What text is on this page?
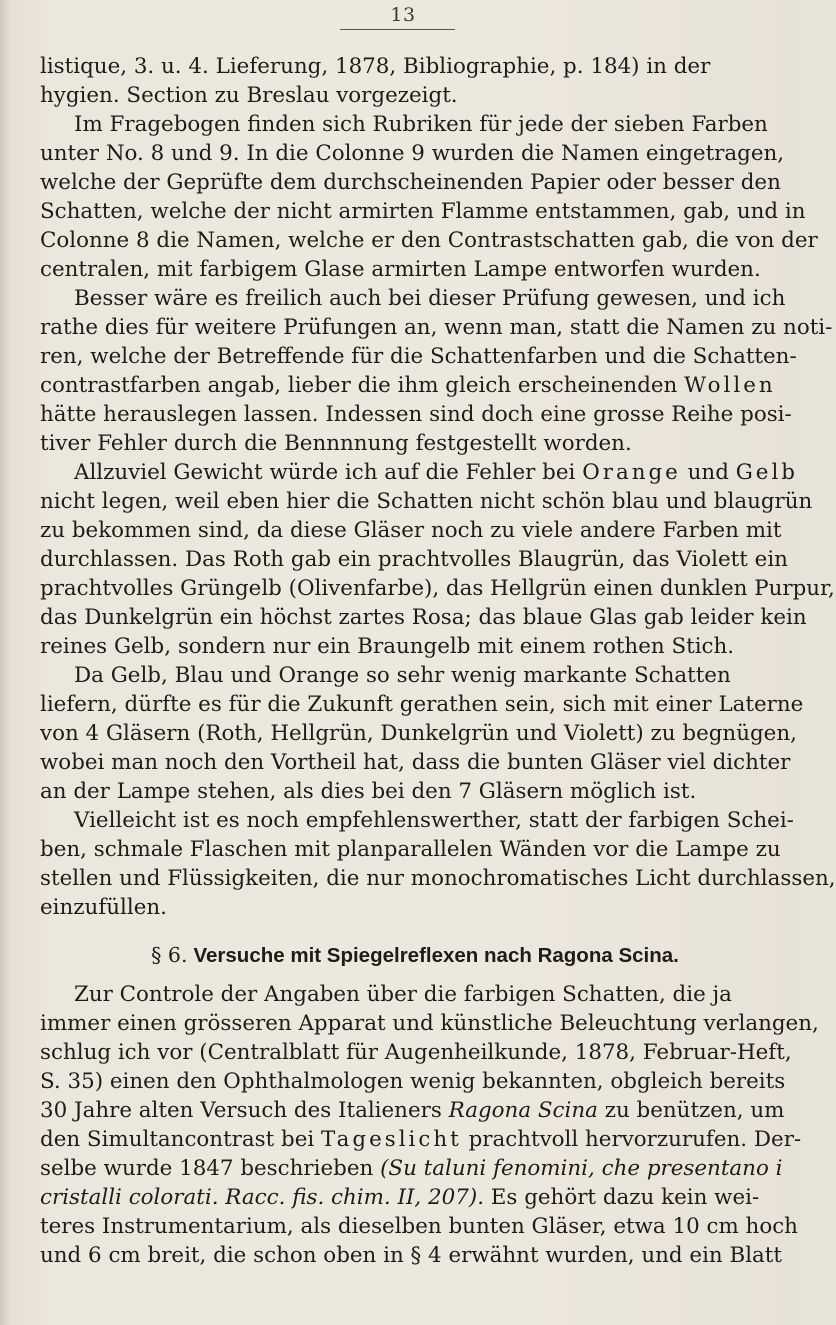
13

listique, 3. u. 4. Lieferung, 1878, Bibliographie, p. 184) in der
hygien. Section zu Breslau vorgezeigt.

Im Fragebogen finden sich Rubriken für jede der sieben Farben
unter No. 8 und 9. In die Colonne 9 wurden die Namen eingetragen,
welche der Geprüfte dem durchscheinenden Papier oder besser den
Schatten, welche der nicht armirten Flamme entstammen, gab, und in
Colonne 8 die Namen, welche er den Contrastschatten gab, die von der
centralen, mit farbigem Glase armirten Lampe entworfen wurden.

Besser wäre es freilich auch bei dieser Prüfung gewesen, und ich
rathe dies für weitere Prüfungen an, wenn man, statt die Namen zu noti-
ren, welche der Betreffende für die Schattenfarben und die Schatten-
contrastfarben angab, lieber die ihm gleich erscheinenden Wollen
hätte herauslegen lassen. Indessen sind doch eine grosse Reihe posi-
tiver Fehler durch die Bennnnung festgestellt worden.

Allzuviel Gewicht würde ich auf die Fehler bei Orange und Gelb
nicht legen, weil eben hier die Schatten nicht schön blau und blaugrün
zu bekommen sind, da diese Gläser noch zu viele andere Farben mit
durchlassen. Das Roth gab ein prachtvolles Blaugrün, das Violett ein
prachtvolles Grüngelb (Olivenfarbe), das Hellgrün einen dunklen Purpur,
das Dunkelgrün ein höchst zartes Rosa; das blaue Glas gab leider kein
reines Gelb, sondern nur ein Braungelb mit einem rothen Stich.

Da Gelb, Blau und Orange so sehr wenig markante Schatten
liefern, dürfte es für die Zukunft gerathen sein, sich mit einer Laterne
von 4 Gläsern (Roth, Hellgrün, Dunkelgrün und Violett) zu begnügen,
wobei man noch den Vortheil hat, dass die bunten Gläser viel dichter
an der Lampe stehen, als dies bei den 7 Gläsern möglich ist.

Vielleicht ist es noch empfehlenswerther, statt der farbigen Schei-
ben, schmale Flaschen mit planparallelen Wänden vor die Lampe zu
stellen und Flüssigkeiten, die nur monochromatisches Licht durchlassen,
einzufüllen.

§ 6. Versuche mit Spiegelreflexen nach Ragona Scina.

Zur Controle der Angaben über die farbigen Schatten, die ja
immer einen grösseren Apparat und künstliche Beleuchtung verlangen,
schlug ich vor (Centralblatt für Augenheilkunde, 1878, Februar-Heft,
S. 35) einen den Ophthalmologen wenig bekannten, obgleich bereits
30 Jahre alten Versuch des Italieners Ragona Scina zu benützen, um
den Simultancontrast bei Tageslicht prachtvoll hervorzurufen. Der-
selbe wurde 1847 beschrieben (Su taluni fenomini, che presentano i
cristalli colorati. Racc. fis. chim. II, 207). Es gehört dazu kein wei-
teres Instrumentarium, als dieselben bunten Gläser, etwa 10 cm hoch
und 6 cm breit, die schon oben in § 4 erwähnt wurden, und ein Blatt
